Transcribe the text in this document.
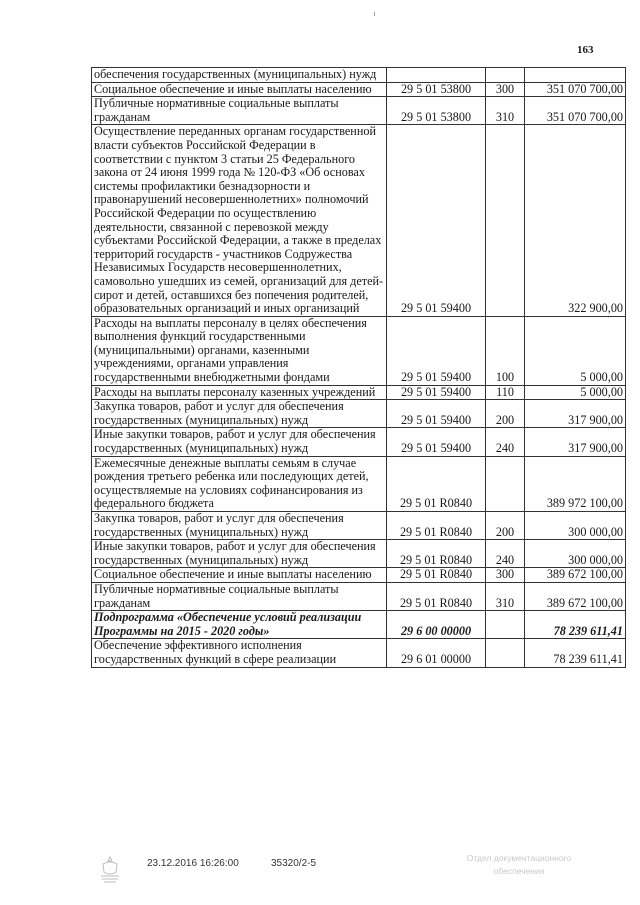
163
обеспечения государственных (муниципальных) нужд			
Социальное обеспечение и иные выплаты населению	29 5 01 53800	300	351 070 700,00
Публичные нормативные социальные выплаты гражданам	29 5 01 53800	310	351 070 700,00
Осуществление переданных органам государственной власти субъектов Российской Федерации в соответствии с пунктом 3 статьи 25 Федерального закона от 24 июня 1999 года № 120-ФЗ «Об основах системы профилактики безнадзорности и правонарушений несовершеннолетних» полномочий Российской Федерации по осуществлению деятельности, связанной с перевозкой между субъектами Российской Федерации, а также в пределах территорий государств - участников Содружества Независимых Государств несовершеннолетних, самовольно ушедших из семей, организаций для детей-сирот и детей, оставшихся без попечения родителей, образовательных организаций и иных организаций	29 5 01 59400		322 900,00
Расходы на выплаты персоналу в целях обеспечения выполнения функций государственными (муниципальными) органами, казенными учреждениями, органами управления государственными внебюджетными фондами	29 5 01 59400	100	5 000,00
Расходы на выплаты персоналу казенных учреждений	29 5 01 59400	110	5 000,00
Закупка товаров, работ и услуг для обеспечения государственных (муниципальных) нужд	29 5 01 59400	200	317 900,00
Иные закупки товаров, работ и услуг для обеспечения государственных (муниципальных) нужд	29 5 01 59400	240	317 900,00
Ежемесячные денежные выплаты семьям в случае рождения третьего ребенка или последующих детей, осуществляемые на условиях софинансирования из федерального бюджета	29 5 01 R0840		389 972 100,00
Закупка товаров, работ и услуг для обеспечения государственных (муниципальных) нужд	29 5 01 R0840	200	300 000,00
Иные закупки товаров, работ и услуг для обеспечения государственных (муниципальных) нужд	29 5 01 R0840	240	300 000,00
Социальное обеспечение и иные выплаты населению	29 5 01 R0840	300	389 672 100,00
Публичные нормативные социальные выплаты гражданам	29 5 01 R0840	310	389 672 100,00
Подпрограмма «Обеспечение условий реализации Программы на 2015 - 2020 годы»	29 6 00 00000		78 239 611,41
Обеспечение эффективного исполнения государственных функций в сфере реализации	29 6 01 00000		78 239 611,41
23.12.2016 16:26:00	35320/2-5	Отдел документационного
обеспечения
